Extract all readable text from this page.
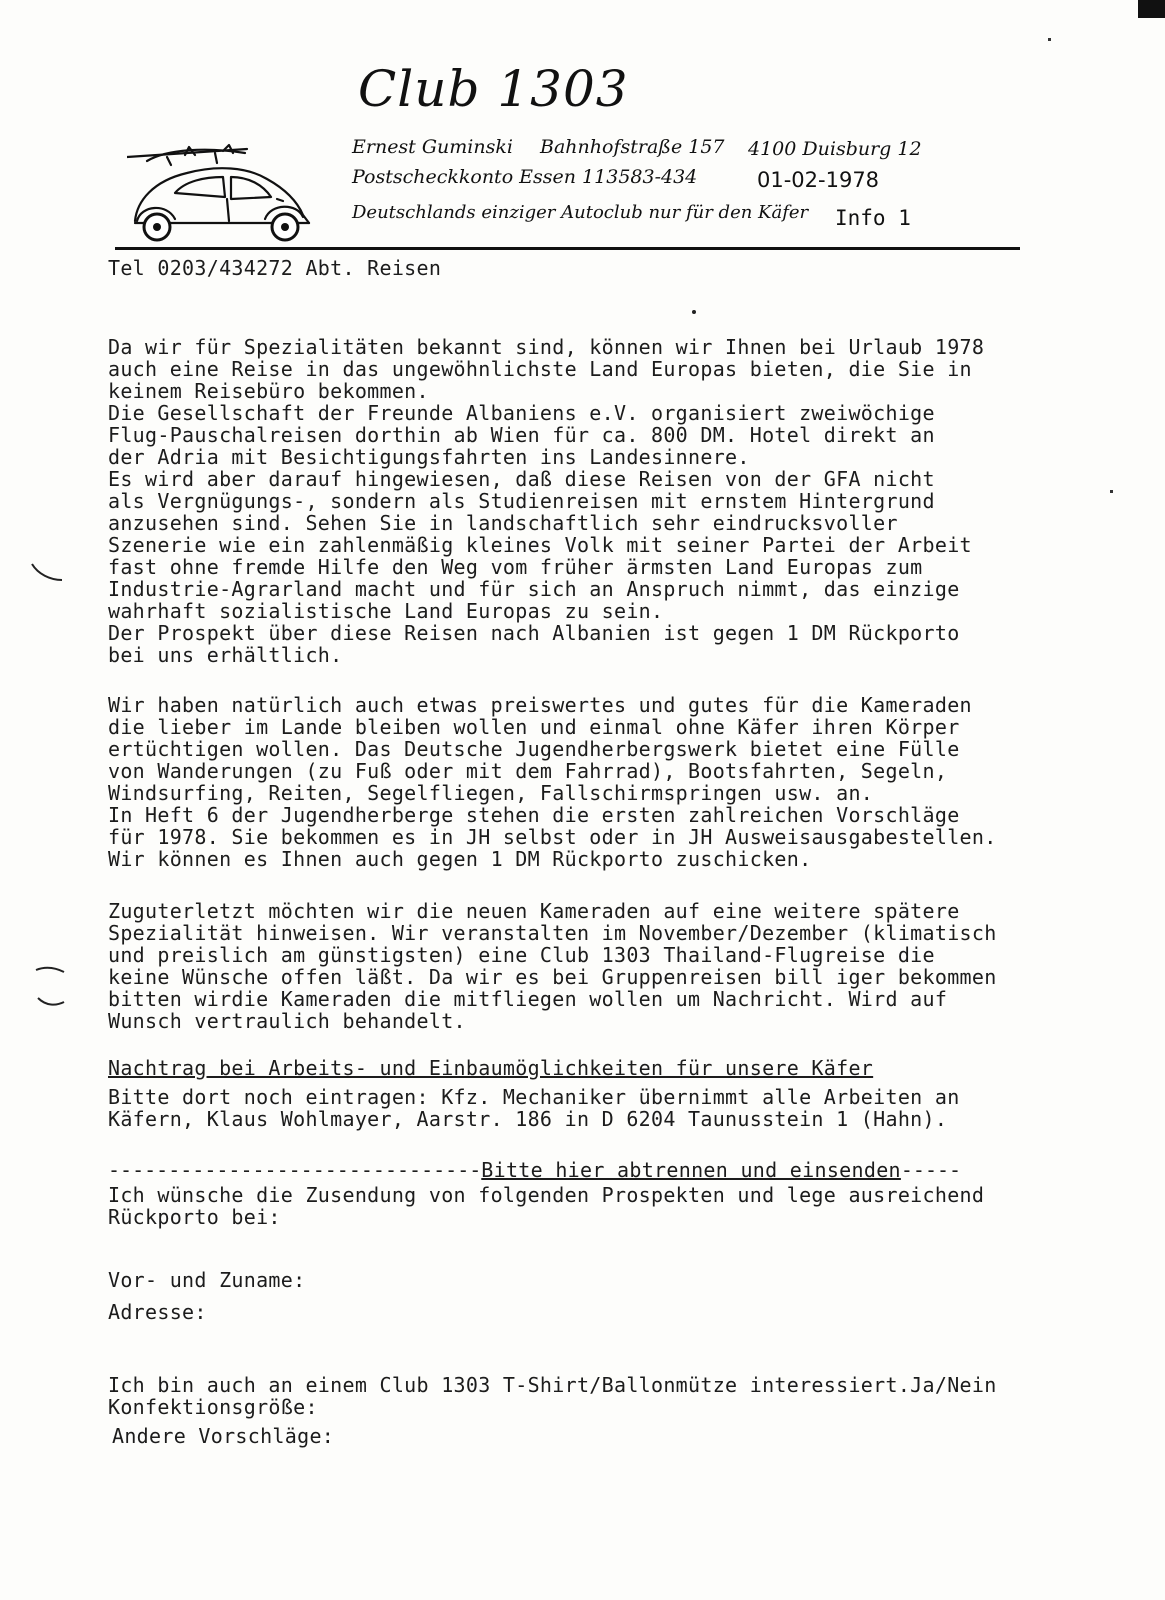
Club 1303
Ernest Guminski Bahnhofstraße 157 4100 Duisburg 12
Postscheckkonto Essen 113583-434	01-02-1978
Deutschlands einziger Autoclub nur für den Käfer Info 1
Tel 0203/434272 Abt. Reisen
Da wir für Spezialitäten bekannt sind, können wir Ihnen bei Urlaub 1978
auch eine Reise in das ungewöhnlichste Land Europas bieten, die Sie in
keinem Reisebüro bekommen.
Die Gesellschaft der Freunde Albaniens e.V. organisiert zweiwöchige
Flug-Pauschalreisen dorthin ab Wien für ca. 800 DM. Hotel direkt an
der Adria mit Besichtigungsfahrten ins Landesinnere.
Es wird aber darauf hingewiesen, daß diese Reisen von der GFA nicht
als Vergnügungs-, sondern als Studienreisen mit ernstem Hintergrund
anzusehen sind. Sehen Sie in landschaftlich sehr eindrucksvoller
Szenerie wie ein zahlenmäßig kleines Volk mit seiner Partei der Arbeit
fast ohne fremde Hilfe den Weg vom früher ärmsten Land Europas zum
Industrie-Agrarland macht und für sich an Anspruch nimmt, das einzige
wahrhaft sozialistische Land Europas zu sein.
Der Prospekt über diese Reisen nach Albanien ist gegen 1 DM Rückporto
bei uns erhältlich.
Wir haben natürlich auch etwas preiswertes und gutes für die Kameraden
die lieber im Lande bleiben wollen und einmal ohne Käfer ihren Körper
ertüchtigen wollen. Das Deutsche Jugendherbergswerk bietet eine Fülle
von Wanderungen (zu Fuß oder mit dem Fahrrad), Bootsfahrten, Segeln,
Windsurfing, Reiten, Segelfliegen, Fallschirmspringen usw. an.
In Heft 6 der Jugendherberge stehen die ersten zahlreichen Vorschläge
für 1978. Sie bekommen es in JH selbst oder in JH Ausweisausgabestellen.
Wir können es Ihnen auch gegen 1 DM Rückporto zuschicken.
Zuguterletzt möchten wir die neuen Kameraden auf eine weitere spätere
Spezialität hinweisen. Wir veranstalten im November/Dezember (klimatisch
und preislich am günstigsten) eine Club 1303 Thailand-Flugreise die
keine Wünsche offen läßt. Da wir es bei Gruppenreisen bill iger bekommen
bitten wirdie Kameraden die mitfliegen wollen um Nachricht. Wird auf
Wunsch vertraulich behandelt.
Nachtrag bei Arbeits- und Einbaumöglichkeiten für unsere Käfer
Bitte dort noch eintragen: Kfz. Mechaniker übernimmt alle Arbeiten an
Käfern, Klaus Wohlmayer, Aarstr. 186 in D 6204 Taunusstein 1 (Hahn).
-------------------------------Bitte hier abtrennen und einsenden-----
Ich wünsche die Zusendung von folgenden Prospekten und lege ausreichend
Rückporto bei:
Vor- und Zuname:
Adresse:
Ich bin auch an einem Club 1303 T-Shirt/Ballonmütze interessiert.Ja/Nein
Konfektionsgröße:
Andere Vorschläge:
